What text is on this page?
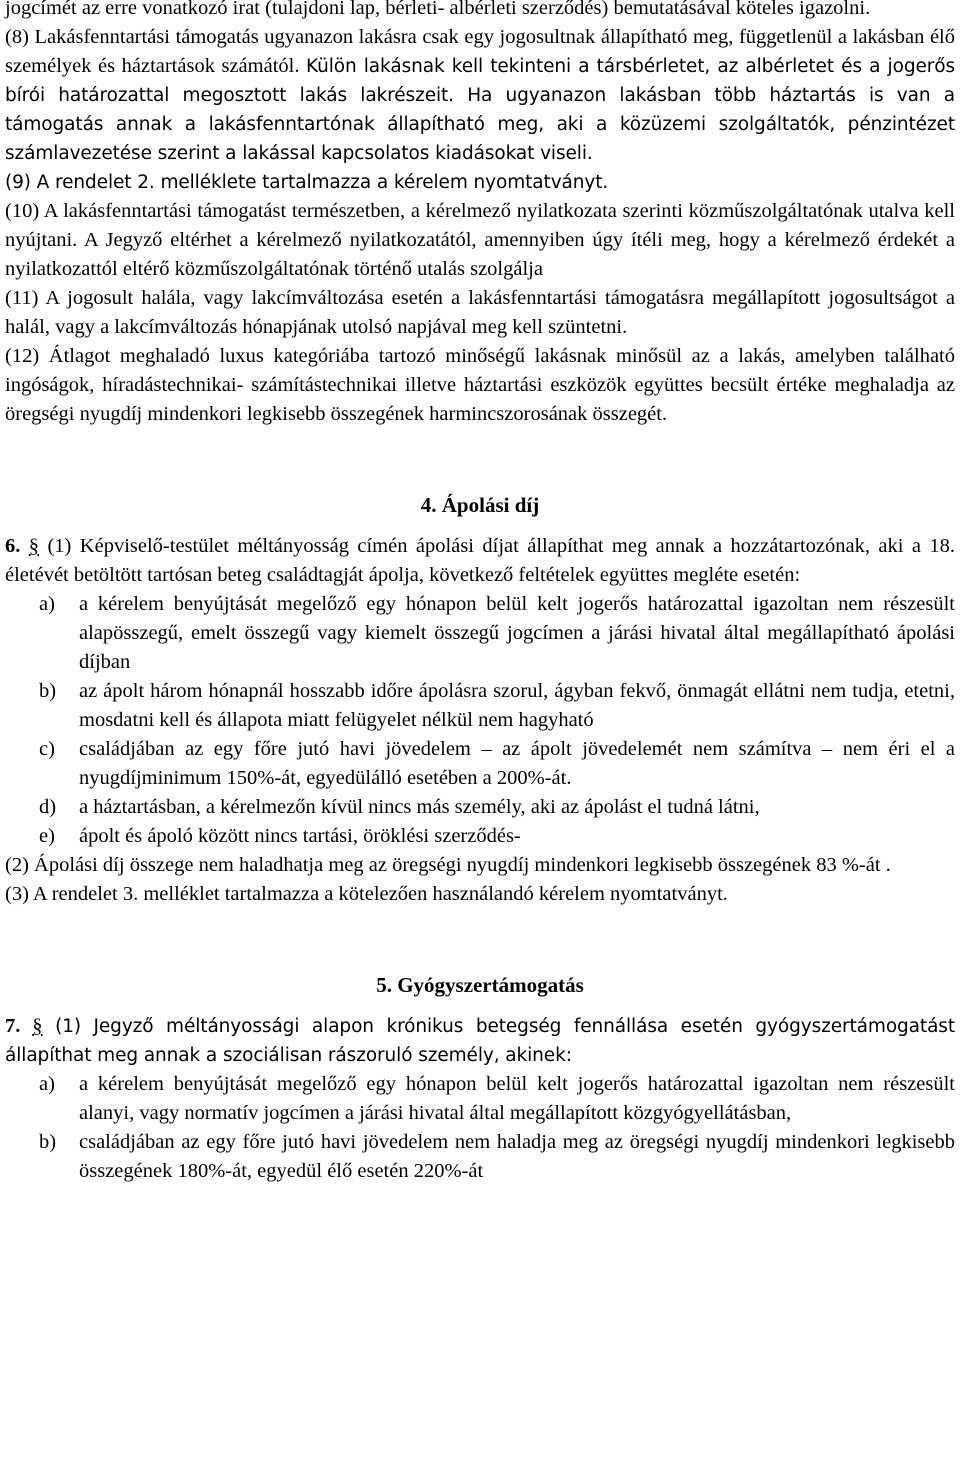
jogcímét az erre vonatkozó irat (tulajdoni lap, bérleti- albérleti szerződés) bemutatásával köteles igazolni.

(8) Lakásfenntartási támogatás ugyanazon lakásra csak egy jogosultnak állapítható meg, függetlenül a lakásban élő személyek és háztartások számától. Külön lakásnak kell tekinteni a társbérletet, az albérletet és a jogerős bírói határozattal megosztott lakás lakrészeit. Ha ugyanazon lakásban több háztartás is van a támogatás annak a lakásfenntartónak állapítható meg, aki a közüzemi szolgáltatók, pénzintézet számlavezetése szerint a lakással kapcsolatos kiadásokat viseli.

(9) A rendelet 2. melléklete tartalmazza a kérelem nyomtatványt.

(10) A lakásfenntartási támogatást természetben, a kérelmező nyilatkozata szerinti közműszolgáltatónak utalva kell nyújtani. A Jegyző eltérhet a kérelmező nyilatkozatától, amennyiben úgy ítéli meg, hogy a kérelmező érdekét a nyilatkozattól eltérő közműszolgáltatónak történő utalás szolgálja

(11) A jogosult halála, vagy lakcímváltozása esetén a lakásfenntartási támogatásra megállapított jogosultságot a halál, vagy a lakcímváltozás hónapjának utolsó napjával meg kell szüntetni.

(12) Átlagot meghaladó luxus kategóriába tartozó minőségű lakásnak minősül az a lakás, amelyben található ingóságok, híradástechnikai- számítástechnikai illetve háztartási eszközök együttes becsült értéke meghaladja az öregségi nyugdíj mindenkori legkisebb összegének harmincszorosának összegét.

4. Ápolási díj

6. § (1) Képviselő-testület méltányosság címén ápolási díjat állapíthat meg annak a hozzátartozónak, aki a 18. életévét betöltött tartósan beteg családtagját ápolja, következő feltételek együttes megléte esetén:

a) a kérelem benyújtását megelőző egy hónapon belül kelt jogerős határozattal igazoltan nem részesült alapösszegű, emelt összegű vagy kiemelt összegű jogcímen a járási hivatal által megállapítható ápolási díjban
b) az ápolt három hónapnál hosszabb időre ápolásra szorul, ágyban fekvő, önmagát ellátni nem tudja, etetni, mosdatni kell és állapota miatt felügyelet nélkül nem hagyható
c) családjában az egy főre jutó havi jövedelem – az ápolt jövedelemét nem számítva – nem éri el a nyugdíjminimum 150%-át, egyedülálló esetében a 200%-át.
d) a háztartásban, a kérelmezőn kívül nincs más személy, aki az ápolást el tudná látni,
e) ápolt és ápoló között nincs tartási, öröklési szerződés-

(2) Ápolási díj összege nem haladhatja meg az öregségi nyugdíj mindenkori legkisebb összegének 83 %-át .

(3) A rendelet 3. melléklet tartalmazza a kötelezően használandó kérelem nyomtatványt.

5. Gyógyszertámogatás

7. § (1) Jegyző méltányossági alapon krónikus betegség fennállása esetén gyógyszertámogatást állapíthat meg annak a szociálisan rászoruló személy, akinek:

a) a kérelem benyújtását megelőző egy hónapon belül kelt jogerős határozattal igazoltan nem részesült alanyi, vagy normatív jogcímen a járási hivatal által megállapított közgyógyellátásban,
b) családjában az egy főre jutó havi jövedelem nem haladja meg az öregségi nyugdíj mindenkori legkisebb összegének 180%-át, egyedül élő esetén 220%-át
